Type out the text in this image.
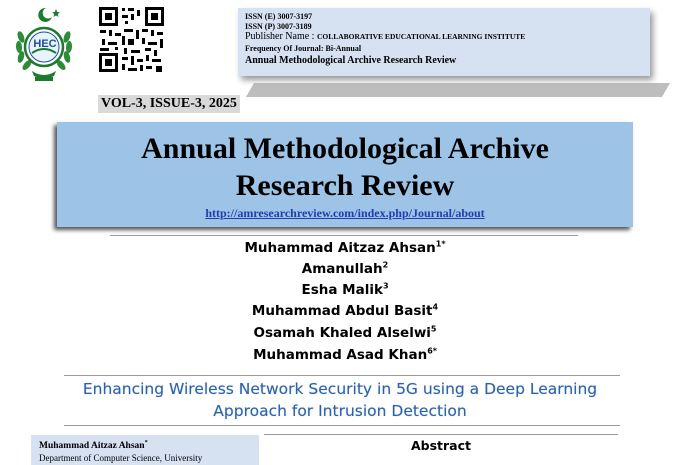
HEC
ISSN (E) 3007-3197
ISSN (P) 3007-3189
Publisher Name : COLLABORATIVE EDUCATIONAL LEARNING INSTITUTE
Frequency Of Journal: Bi-Annual
Annual Methodological Archive Research Review
VOL-3, ISSUE-3, 2025
Annual Methodological Archive
Research Review
http://amresearchreview.com/index.php/Journal/about
Muhammad Aitzaz Ahsan$^{1*}$
Amanullah$^2$
Esha Malik$^3$
Muhammad Abdul Basit$^4$
Osamah Khaled Alselwi$^5$
Muhammad Asad Khan$^{6*}$
Enhancing Wireless Network Security in 5G using a Deep Learning
Approach for Intrusion Detection
Muhammad Aitzaz Ahsan*
Department of Computer Science, University
Abstract
